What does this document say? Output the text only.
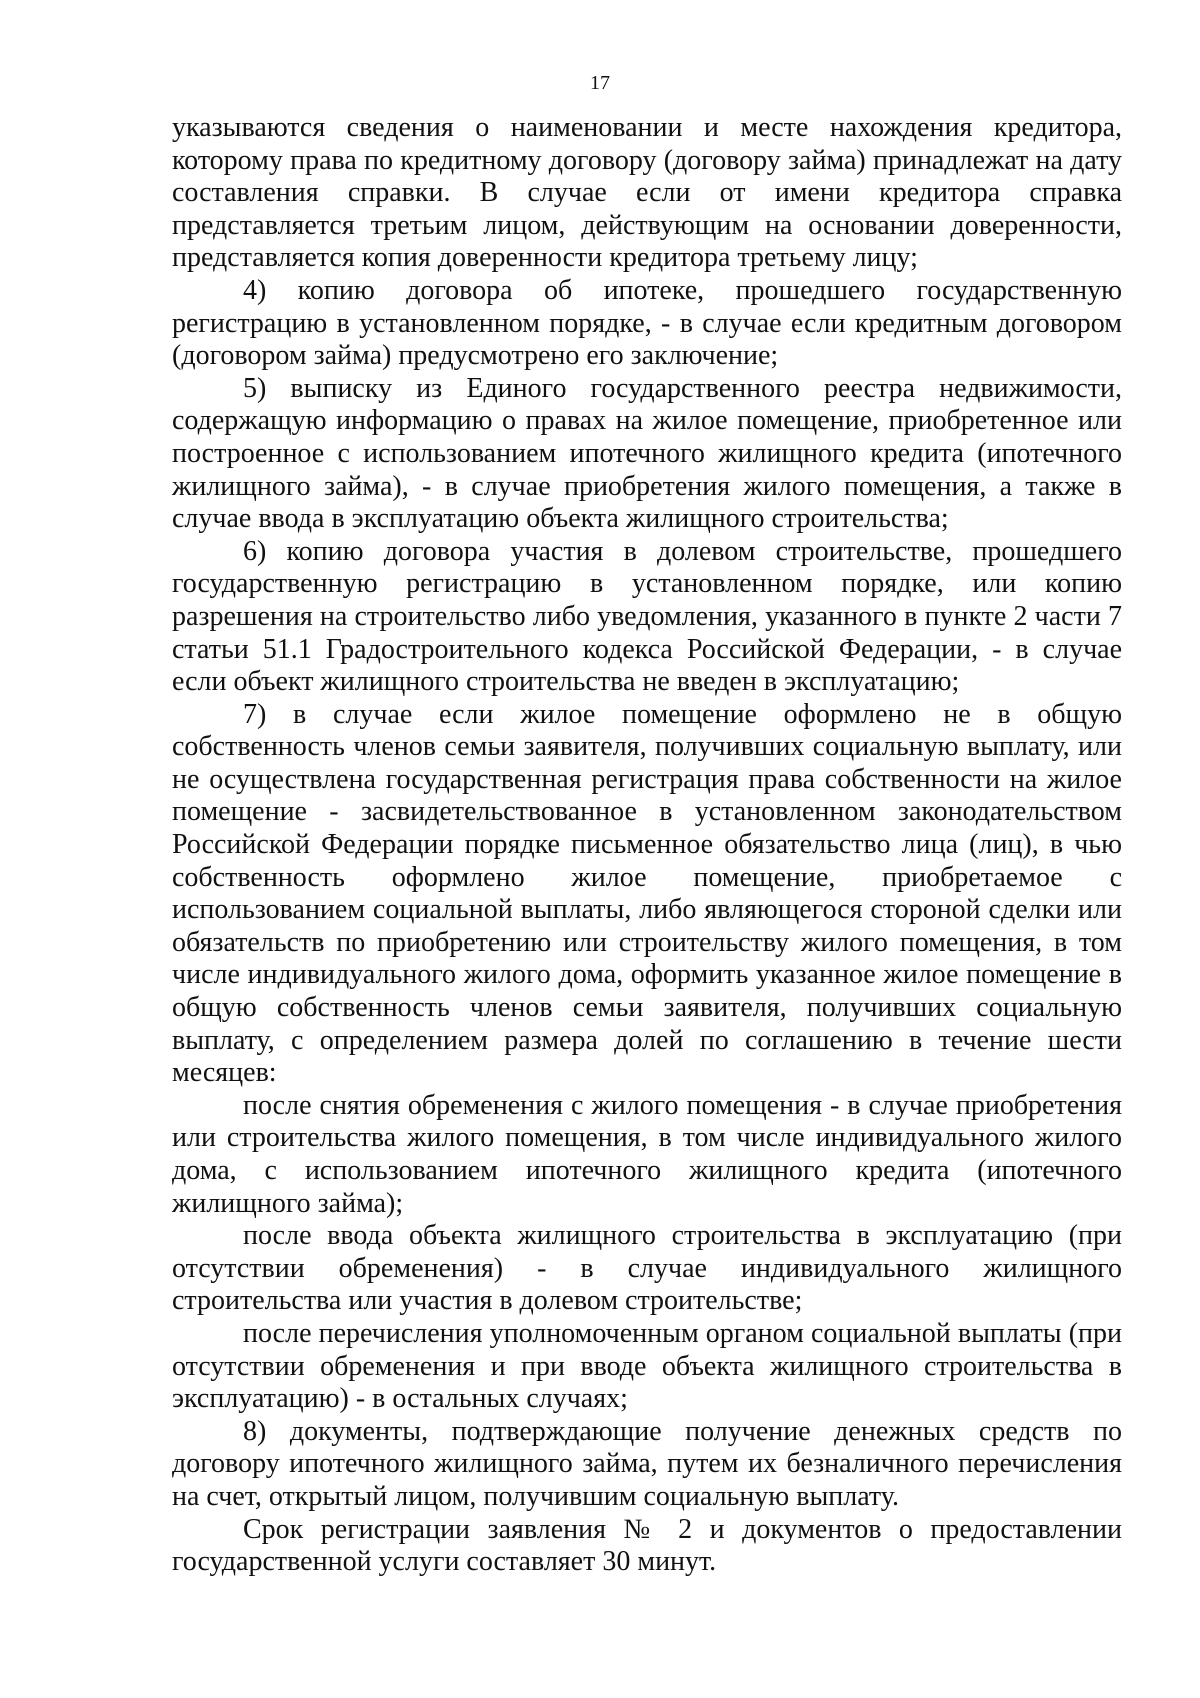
17

указываются сведения о наименовании и месте нахождения кредитора, которому права по кредитному договору (договору займа) принадлежат на дату составления справки. В случае если от имени кредитора справка представляется третьим лицом, действующим на основании доверенности, представляется копия доверенности кредитора третьему лицу;

4) копию договора об ипотеке, прошедшего государственную регистрацию в установленном порядке, - в случае если кредитным договором (договором займа) предусмотрено его заключение;

5) выписку из Единого государственного реестра недвижимости, содержащую информацию о правах на жилое помещение, приобретенное или построенное с использованием ипотечного жилищного кредита (ипотечного жилищного займа), - в случае приобретения жилого помещения, а также в случае ввода в эксплуатацию объекта жилищного строительства;

6) копию договора участия в долевом строительстве, прошедшего государственную регистрацию в установленном порядке, или копию разрешения на строительство либо уведомления, указанного в пункте 2 части 7 статьи 51.1 Градостроительного кодекса Российской Федерации, - в случае если объект жилищного строительства не введен в эксплуатацию;

7) в случае если жилое помещение оформлено не в общую собственность членов семьи заявителя, получивших социальную выплату, или не осуществлена государственная регистрация права собственности на жилое помещение - засвидетельствованное в установленном законодательством Российской Федерации порядке письменное обязательство лица (лиц), в чью собственность оформлено жилое помещение, приобретаемое с использованием социальной выплаты, либо являющегося стороной сделки или обязательств по приобретению или строительству жилого помещения, в том числе индивидуального жилого дома, оформить указанное жилое помещение в общую собственность членов семьи заявителя, получивших социальную выплату, с определением размера долей по соглашению в течение шести месяцев:

после снятия обременения с жилого помещения - в случае приобретения или строительства жилого помещения, в том числе индивидуального жилого дома, с использованием ипотечного жилищного кредита (ипотечного жилищного займа);

после ввода объекта жилищного строительства в эксплуатацию (при отсутствии обременения) - в случае индивидуального жилищного строительства или участия в долевом строительстве;

после перечисления уполномоченным органом социальной выплаты (при отсутствии обременения и при вводе объекта жилищного строительства в эксплуатацию) - в остальных случаях;

8) документы, подтверждающие получение денежных средств по договору ипотечного жилищного займа, путем их безналичного перечисления на счет, открытый лицом, получившим социальную выплату.

Срок регистрации заявления № 2 и документов о предоставлении государственной услуги составляет 30 минут.
